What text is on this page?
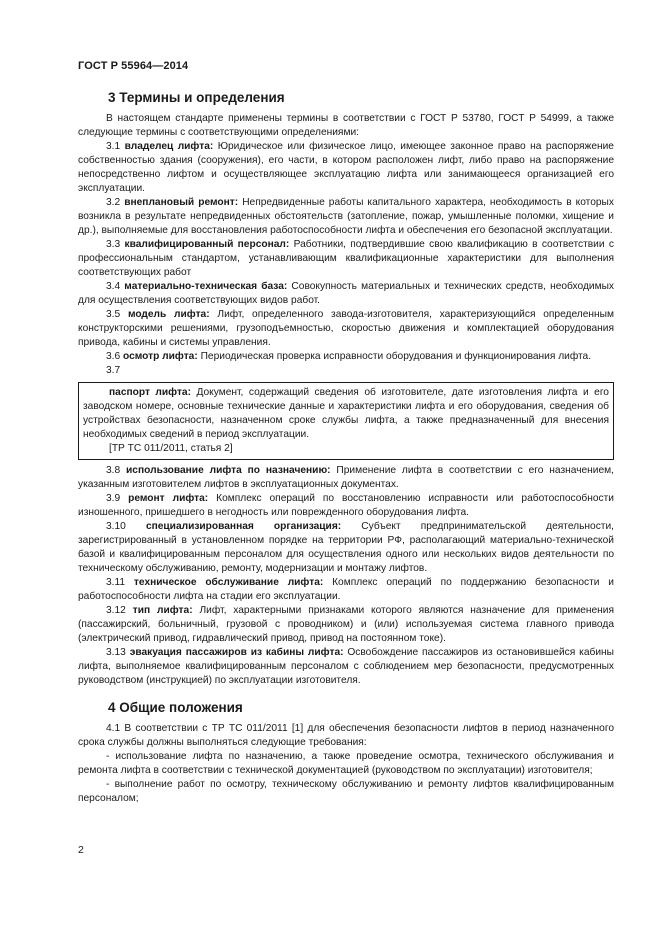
ГОСТ Р 55964—2014
3 Термины и определения

В настоящем стандарте применены термины в соответствии с ГОСТ Р 53780, ГОСТ Р 54999, а также следующие термины с соответствующими определениями:

3.1 владелец лифта: Юридическое или физическое лицо, имеющее законное право на распоряжение собственностью здания (сооружения), его части, в котором расположен лифт, либо право на распоряжение непосредственно лифтом и осуществляющее эксплуатацию лифта или занимающееся организацией его эксплуатации.

3.2 внеплановый ремонт: Непредвиденные работы капитального характера, необходимость в которых возникла в результате непредвиденных обстоятельств (затопление, пожар, умышленные поломки, хищение и др.), выполняемые для восстановления работоспособности лифта и обеспечения его безопасной эксплуатации.

3.3 квалифицированный персонал: Работники, подтвердившие свою квалификацию в соответствии с профессиональным стандартом, устанавливающим квалификационные характеристики для выполнения соответствующих работ

3.4 материально-техническая база: Совокупность материальных и технических средств, необходимых для осуществления соответствующих видов работ.

3.5 модель лифта: Лифт, определенного завода-изготовителя, характеризующийся определенным конструкторскими решениями, грузоподъемностью, скоростью движения и комплектацией оборудования привода, кабины и системы управления.

3.6 осмотр лифта: Периодическая проверка исправности оборудования и функционирования лифта.

3.7

паспорт лифта: Документ, содержащий сведения об изготовителе, дате изготовления лифта и его заводском номере, основные технические данные и характеристики лифта и его оборудования, сведения об устройствах безопасности, назначенном сроке службы лифта, а также предназначенный для внесения необходимых сведений в период эксплуатации.

[ТР ТС 011/2011, статья 2]

3.8 использование лифта по назначению: Применение лифта в соответствии с его назначением, указанным изготовителем лифтов в эксплуатационных документах.

3.9 ремонт лифта: Комплекс операций по восстановлению исправности или работоспособности изношенного, пришедшего в негодность или поврежденного оборудования лифта.

3.10 специализированная организация: Субъект предпринимательской деятельности, зарегистрированный в установленном порядке на территории РФ, располагающий материально-технической базой и квалифицированным персоналом для осуществления одного или нескольких видов деятельности по техническому обслуживанию, ремонту, модернизации и монтажу лифтов.

3.11 техническое обслуживание лифта: Комплекс операций по поддержанию безопасности и работоспособности лифта на стадии его эксплуатации.

3.12 тип лифта: Лифт, характерными признаками которого являются назначение для применения (пассажирский, больничный, грузовой с проводником) и (или) используемая система главного привода (электрический привод, гидравлический привод, привод на постоянном токе).

3.13 эвакуация пассажиров из кабины лифта: Освобождение пассажиров из остановившейся кабины лифта, выполняемое квалифицированным персоналом с соблюдением мер безопасности, предусмотренных руководством (инструкцией) по эксплуатации изготовителя.

4 Общие положения

4.1 В соответствии с ТР ТС 011/2011 [1] для обеспечения безопасности лифтов в период назначенного срока службы должны выполняться следующие требования:

- использование лифта по назначению, а также проведение осмотра, технического обслуживания и ремонта лифта в соответствии с технической документацией (руководством по эксплуатации) изготовителя;

- выполнение работ по осмотру, техническому обслуживанию и ремонту лифтов квалифицированным персоналом;

2
